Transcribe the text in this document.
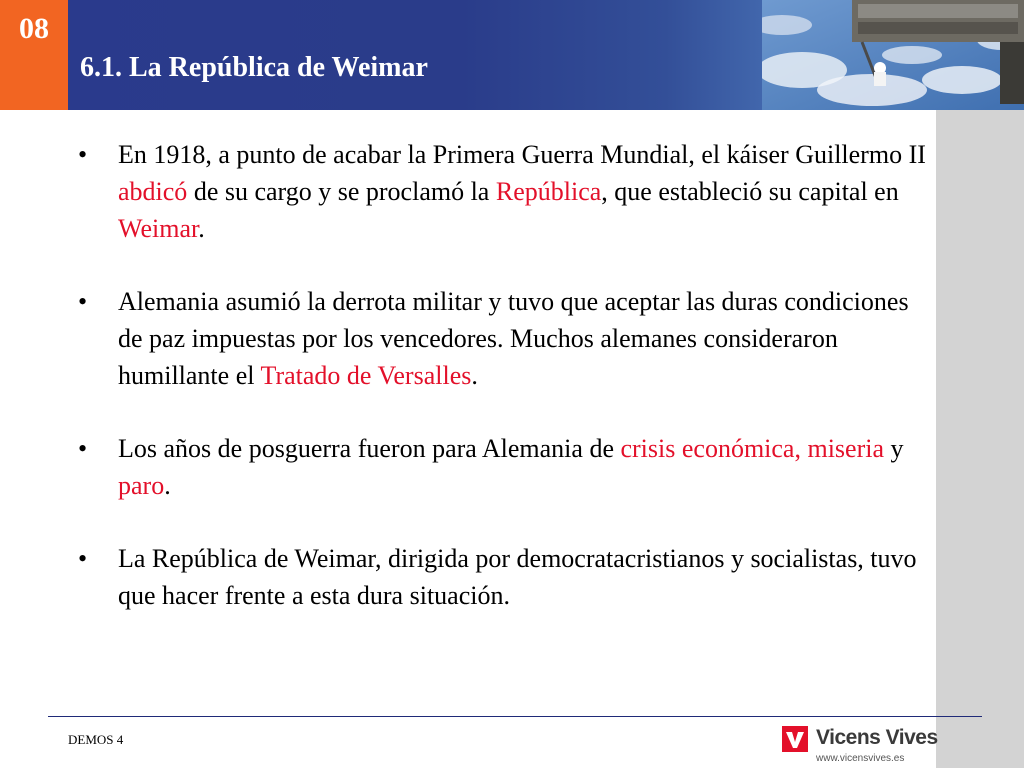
08
6.1. La República de Weimar
• En 1918, a punto de acabar la Primera Guerra Mundial, el káiser Guillermo II abdicó de su cargo y se proclamó la República, que estableció su capital en Weimar.
• Alemania asumió la derrota militar y tuvo que aceptar las duras condiciones de paz impuestas por los vencedores. Muchos alemanes consideraron humillante el Tratado de Versalles.
• Los años de posguerra fueron para Alemania de crisis económica, miseria y paro.
• La República de Weimar, dirigida por democratacristianos y socialistas, tuvo que hacer frente a esta dura situación.
DEMOS 4	Vicens Vives
www.vicensvives.es
